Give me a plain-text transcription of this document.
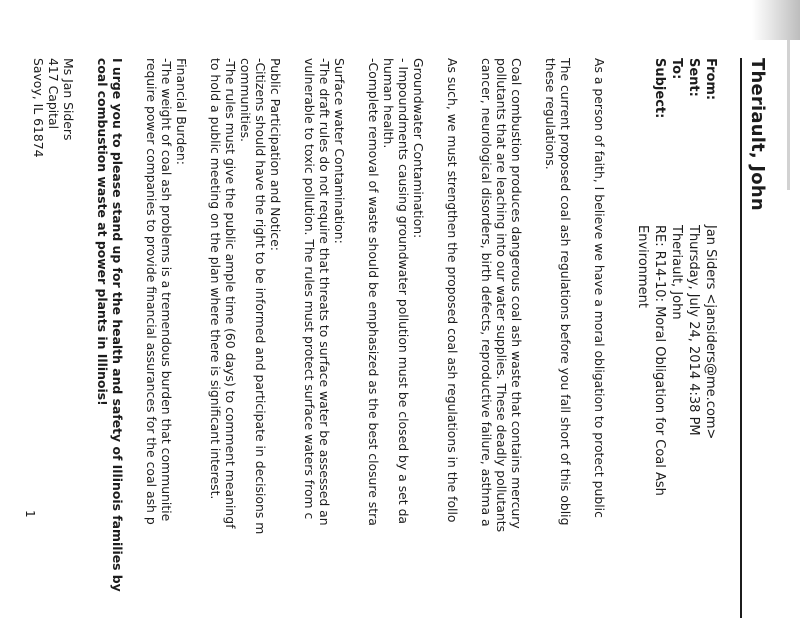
Theriault, John
From:
Jan Siders <jansiders@me.com>
Sent:
Thursday, July 24, 2014 4:38 PM
To:
Theriault, John
Subject:
RE: R14-10: Moral Obligation for Coal Ash
Environment
As a person of faith, I believe we have a moral obligation to protect public
The current proposed coal ash regulations before you fall short of this oblig
these regulations.
Coal combustion produces dangerous coal ash waste that contains mercury
pollutants that are leaching into our water supplies. These deadly pollutants
cancer, neurological disorders, birth defects, reproductive failure, asthma a
As such, we must strengthen the proposed coal ash regulations in the follo
Groundwater Contamination:
- Impoundments causing groundwater pollution must be closed by a set da
human health.
-Complete removal of waste should be emphasized as the best closure stra
Surface water Contamination:
-The draft rules do not require that threats to surface water be assessed an
vulnerable to toxic pollution. The rules must protect surface waters from c
Public Participation and Notice:
-Citizens should have the right to be informed and participate in decisions m
communities.
-The rules must give the public ample time (60 days) to comment meaningf
to hold a public meeting on the plan where there is significant interest.
Financial Burden:
-The weight of coal ash problems is a tremendous burden that communitie
require power companies to provide financial assurances for the coal ash p
I urge you to please stand up for the health and safety of Illinois families by
coal combustion waste at power plants in Illinois!
Ms Jan Siders
417 Capital
Savoy, IL 61874
1
